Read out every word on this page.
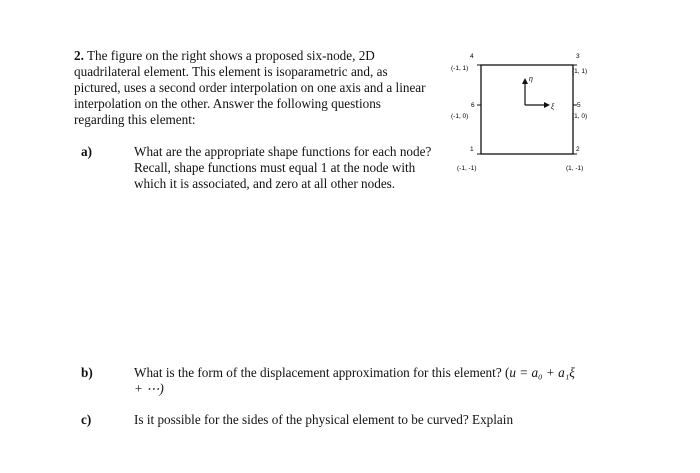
2. The figure on the right shows a proposed six-node, 2D quadrilateral element. This element is isoparametric and, as pictured, uses a second order interpolation on one axis and a linear interpolation on the other. Answer the following questions regarding this element:
a)	What are the appropriate shape functions for each node? Recall, shape functions must equal 1 at the node with which it is associated, and zero at all other nodes.
b)	What is the form of the displacement approximation for this element? (u = a₀ + a₁ξ + ⋯)
c)	Is it possible for the sides of the physical element to be curved? Explain
4
(-1, 1)
3
(1, 1)
6
(-1, 0)
5
(1, 0)
1
(-1, -1)
2
(1, -1)
η
ξ
